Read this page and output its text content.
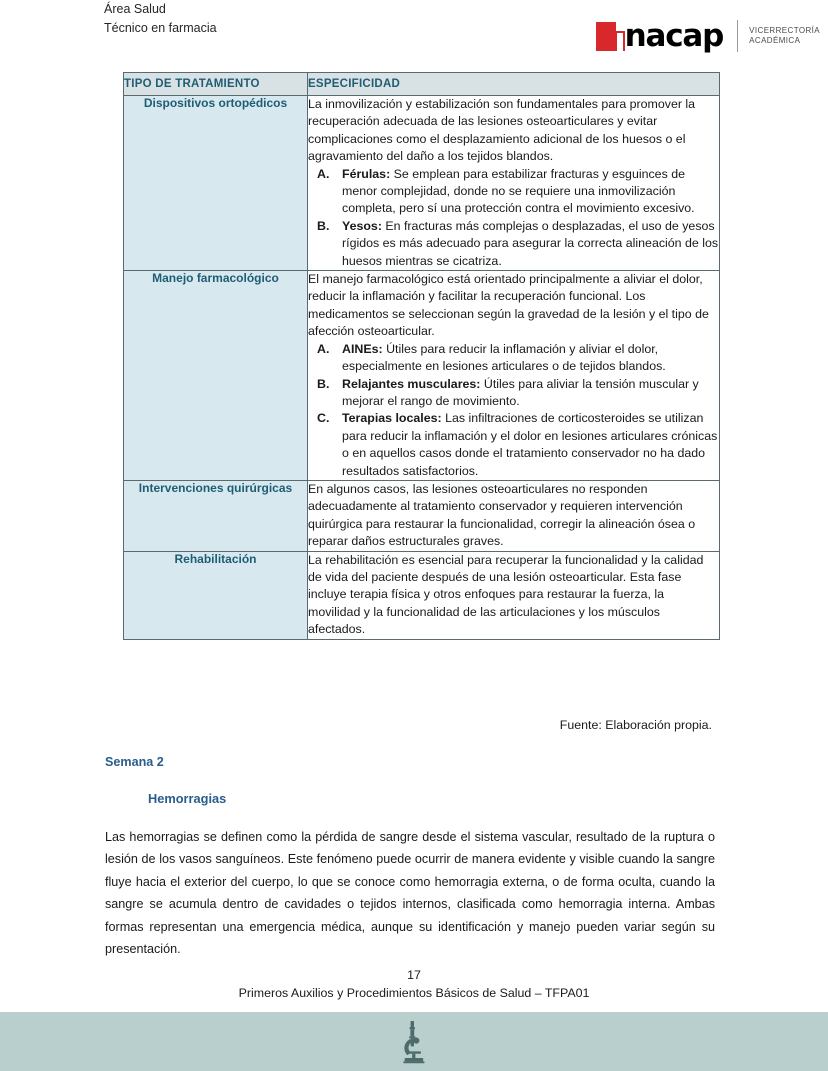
Área Salud
Técnico en farmacia	nacap	VICERRECTORÍA
ACADÉMICA
TIPO DE TRATAMIENTO	ESPECIFICIDAD
Dispositivos ortopédicos	La inmovilización y estabilización son fundamentales para promover la recuperación adecuada de las lesiones osteoarticulares y evitar complicaciones como el desplazamiento adicional de los huesos o el agravamiento del daño a los tejidos blandos.

A. Férulas: Se emplean para estabilizar fracturas y esguinces de menor complejidad, donde no se requiere una inmovilización completa, pero sí una protección contra el movimiento excesivo.
B. Yesos: En fracturas más complejas o desplazadas, el uso de yesos rígidos es más adecuado para asegurar la correcta alineación de los huesos mientras se cicatriza.

Manejo farmacológico	El manejo farmacológico está orientado principalmente a aliviar el dolor, reducir la inflamación y facilitar la recuperación funcional. Los medicamentos se seleccionan según la gravedad de la lesión y el tipo de afección osteoarticular.

A. AINEs: Útiles para reducir la inflamación y aliviar el dolor, especialmente en lesiones articulares o de tejidos blandos.
B. Relajantes musculares: Útiles para aliviar la tensión muscular y mejorar el rango de movimiento.
C. Terapias locales: Las infiltraciones de corticosteroides se utilizan para reducir la inflamación y el dolor en lesiones articulares crónicas o en aquellos casos donde el tratamiento conservador no ha dado resultados satisfactorios.

Intervenciones quirúrgicas	En algunos casos, las lesiones osteoarticulares no responden adecuadamente al tratamiento conservador y requieren intervención quirúrgica para restaurar la funcionalidad, corregir la alineación ósea o reparar daños estructurales graves.

Rehabilitación	La rehabilitación es esencial para recuperar la funcionalidad y la calidad de vida del paciente después de una lesión osteoarticular. Esta fase incluye terapia física y otros enfoques para restaurar la fuerza, la movilidad y la funcionalidad de las articulaciones y los músculos afectados.

Fuente: Elaboración propia.
Semana 2
Hemorragias
Las hemorragias se definen como la pérdida de sangre desde el sistema vascular, resultado de la ruptura o lesión de los vasos sanguíneos. Este fenómeno puede ocurrir de manera evidente y visible cuando la sangre fluye hacia el exterior del cuerpo, lo que se conoce como hemorragia externa, o de forma oculta, cuando la sangre se acumula dentro de cavidades o tejidos internos, clasificada como hemorragia interna. Ambas formas representan una emergencia médica, aunque su identificación y manejo pueden variar según su presentación.
17
Primeros Auxilios y Procedimientos Básicos de Salud – TFPA01
